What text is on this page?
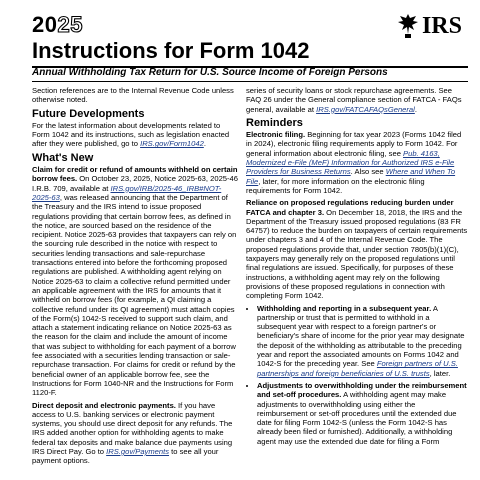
2025
Instructions for Form 1042
IRS
Annual Withholding Tax Return for U.S. Source Income of Foreign Persons

Section references are to the Internal Revenue Code unless otherwise noted.

Future Developments

For the latest information about developments related to Form 1042 and its instructions, such as legislation enacted after they were published, go to IRS.gov/Form1042.

What's New

Claim for credit or refund of amounts withheld on certain borrow fees. On October 23, 2025, Notice 2025-63, 2025-46 I.R.B. 709, available at IRS.gov/IRB/2025-46_IRB#NOT-2025-63, was released announcing that the Department of the Treasury and the IRS intend to issue proposed regulations providing that certain borrow fees, as defined in the notice, are sourced based on the residence of the recipient. Notice 2025-63 provides that taxpayers can rely on the sourcing rule described in the notice with respect to securities lending transactions and sale-repurchase transactions entered into before the forthcoming proposed regulations are published. A withholding agent relying on Notice 2025-63 to claim a collective refund permitted under an applicable agreement with the IRS for amounts that it withheld on borrow fees (for example, a QI claiming a collective refund under its QI agreement) must attach copies of the Form(s) 1042-S received to support such claim, and attach a statement indicating reliance on Notice 2025-63 as the reason for the claim and include the amount of income that was subject to withholding for each payment of a borrow fee associated with a securities lending transaction or sale-repurchase transaction. For claims for credit or refund by the beneficial owner of an applicable borrow fee, see the Instructions for Form 1040-NR and the Instructions for Form 1120-F.

Direct deposit and electronic payments. If you have access to U.S. banking services or electronic payment systems, you should use direct deposit for any refunds. The IRS added another option for withholding agents to make federal tax deposits and make balance due payments using IRS Direct Pay. Go to IRS.gov/Payments to see all your payment options.

series of security loans or stock repurchase agreements. See FAQ 26 under the General compliance section of FATCA - FAQs general, available at IRS.gov/FATCAFAQsGeneral.

Reminders

Electronic filing. Beginning for tax year 2023 (Forms 1042 filed in 2024), electronic filing requirements apply to Form 1042. For general information about electronic filing, see Pub. 4163, Modernized e-File (MeF) Information for Authorized IRS e-File Providers for Business Returns. Also see Where and When To File, later, for more information on the electronic filing requirements for Form 1042.

Reliance on proposed regulations reducing burden under FATCA and chapter 3. On December 18, 2018, the IRS and the Department of the Treasury issued proposed regulations (83 FR 64757) to reduce the burden on taxpayers of certain requirements under chapters 3 and 4 of the Internal Revenue Code. The proposed regulations provide that, under section 7805(b)(1)(C), taxpayers may generally rely on the proposed regulations until final regulations are issued. Specifically, for purposes of these instructions, a withholding agent may rely on the following provisions of these proposed regulations in connection with completing Form 1042.

• Withholding and reporting in a subsequent year. A partnership or trust that is permitted to withhold in a subsequent year with respect to a foreign partner's or beneficiary's share of income for the prior year may designate the deposit of the withholding as attributable to the preceding year and report the associated amounts on Forms 1042 and 1042-S for the preceding year. See Foreign partners of U.S. partnerships and foreign beneficiaries of U.S. trusts, later.
• Adjustments to overwithholding under the reimbursement and set-off procedures. A withholding agent may make adjustments to overwithholding using either the reimbursement or set-off procedures until the extended due date for filing Form 1042-S (unless the Form 1042-S has already been filed or furnished). Additionally, a withholding agent may use the extended due date for filing a Form
